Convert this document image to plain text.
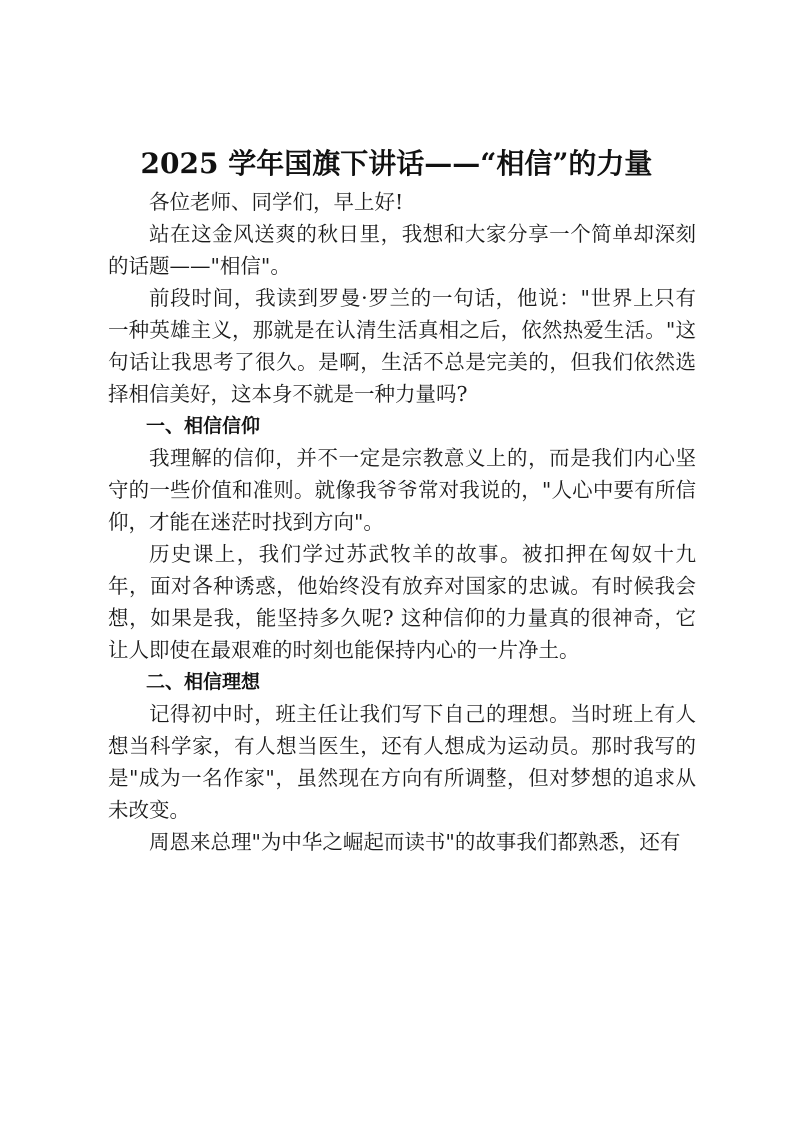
2025 学年国旗下讲话——“相信”的力量

各位老师、同学们，早上好!

站在这金风送爽的秋日里，我想和大家分享一个简单却深刻的话题——"相信"。

前段时间，我读到罗曼·罗兰的一句话，他说："世界上只有一种英雄主义，那就是在认清生活真相之后，依然热爱生活。"这句话让我思考了很久。是啊，生活不总是完美的，但我们依然选择相信美好，这本身不就是一种力量吗?

一、相信信仰

我理解的信仰，并不一定是宗教意义上的，而是我们内心坚守的一些价值和准则。就像我爷爷常对我说的，"人心中要有所信仰，才能在迷茫时找到方向"。

历史课上，我们学过苏武牧羊的故事。被扣押在匈奴十九年，面对各种诱惑，他始终没有放弃对国家的忠诚。有时候我会想，如果是我，能坚持多久呢? 这种信仰的力量真的很神奇，它让人即使在最艰难的时刻也能保持内心的一片净土。

二、相信理想

记得初中时，班主任让我们写下自己的理想。当时班上有人想当科学家，有人想当医生，还有人想成为运动员。那时我写的是"成为一名作家"，虽然现在方向有所调整，但对梦想的追求从未改变。

周恩来总理"为中华之崛起而读书"的故事我们都熟悉，还有
